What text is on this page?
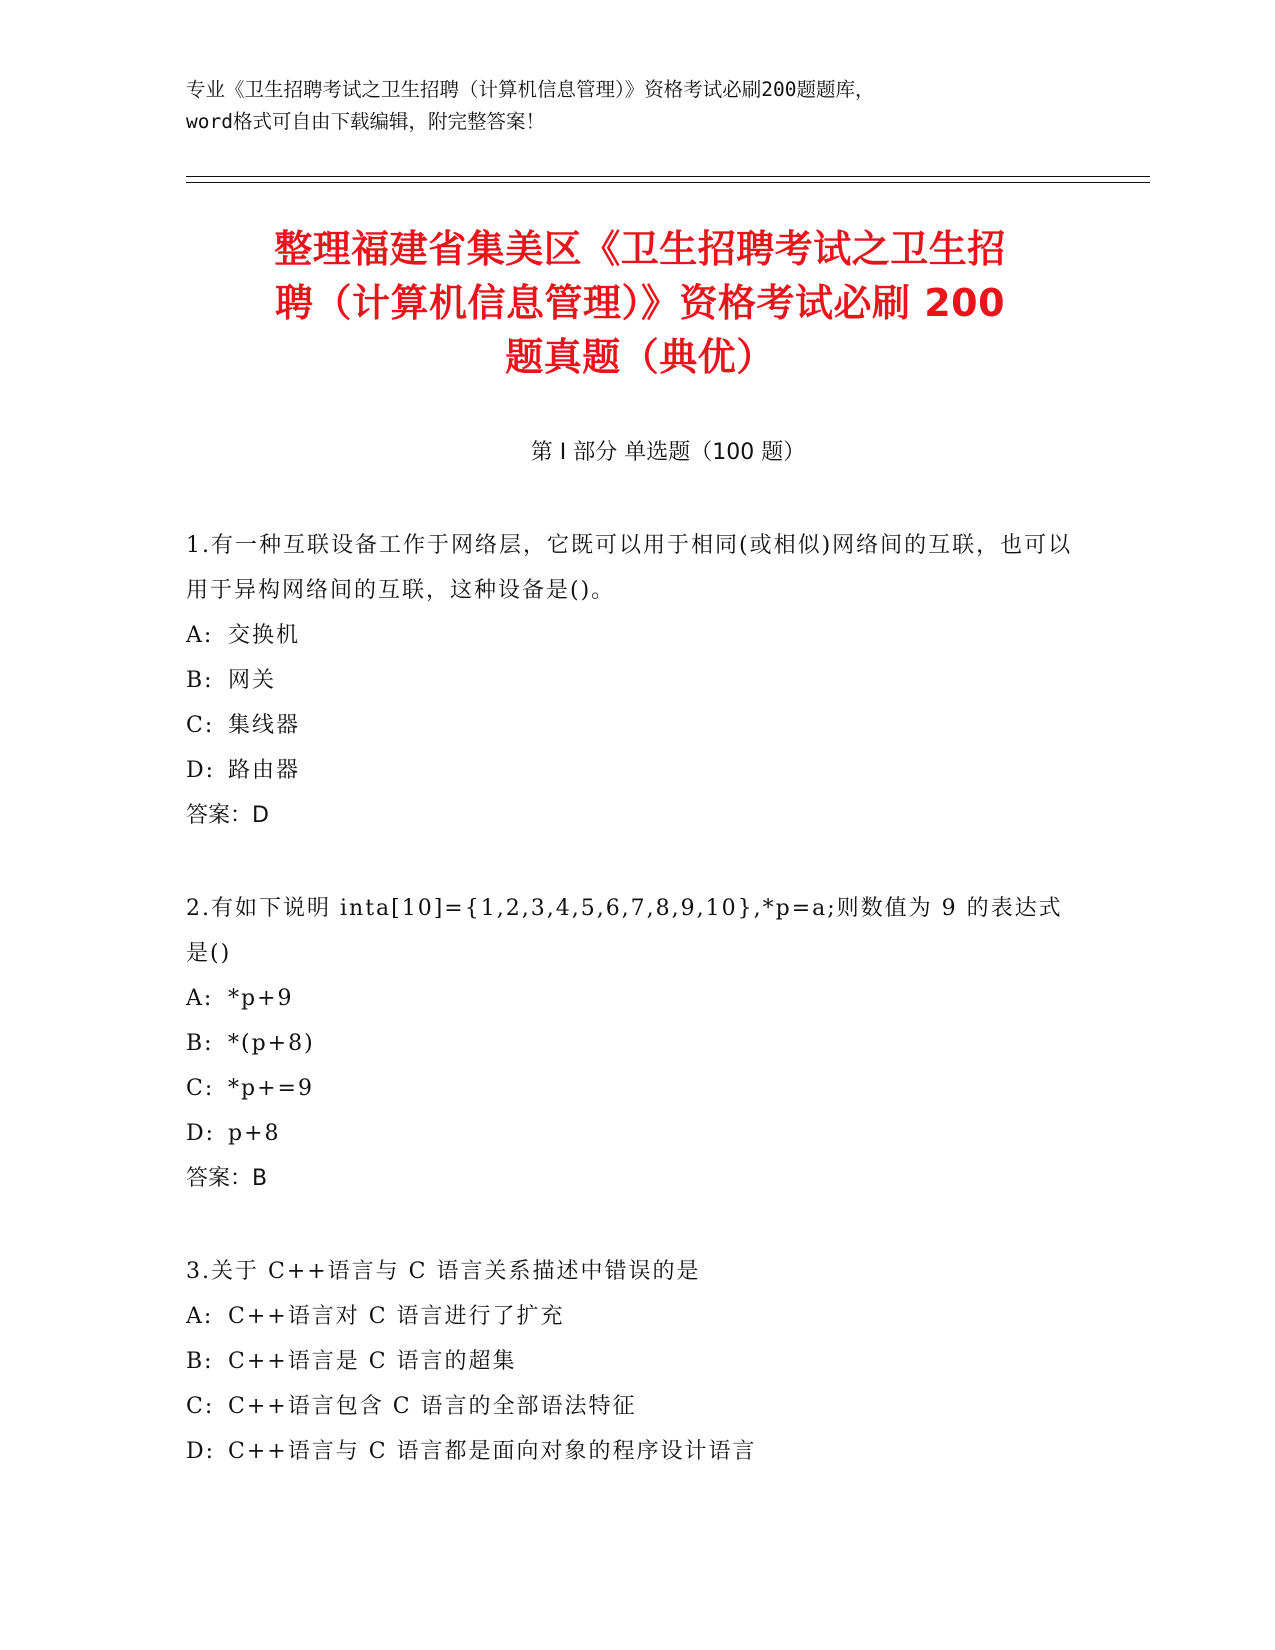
专业《卫生招聘考试之卫生招聘（计算机信息管理）》资格考试必刷200题题库，
word格式可自由下载编辑，附完整答案！
整理福建省集美区《卫生招聘考试之卫生招
聘（计算机信息管理）》资格考试必刷 200
题真题（典优）
第 I 部分 单选题（100 题）
1.有一种互联设备工作于网络层，它既可以用于相同(或相似)网络间的互联，也可以用于异构网络间的互联，这种设备是()。
A: 交换机
B: 网关
C: 集线器
D: 路由器
答案： D
2.有如下说明 inta[10]={1,2,3,4,5,6,7,8,9,10},*p=a;则数值为 9 的表达式是()
A: *p+9
B: *(p+8)
C: *p+=9
D: p+8
答案： B
3.关于 C++语言与 C 语言关系描述中错误的是
A: C++语言对 C 语言进行了扩充
B: C++语言是 C 语言的超集
C: C++语言包含 C 语言的全部语法特征
D: C++语言与 C 语言都是面向对象的程序设计语言
